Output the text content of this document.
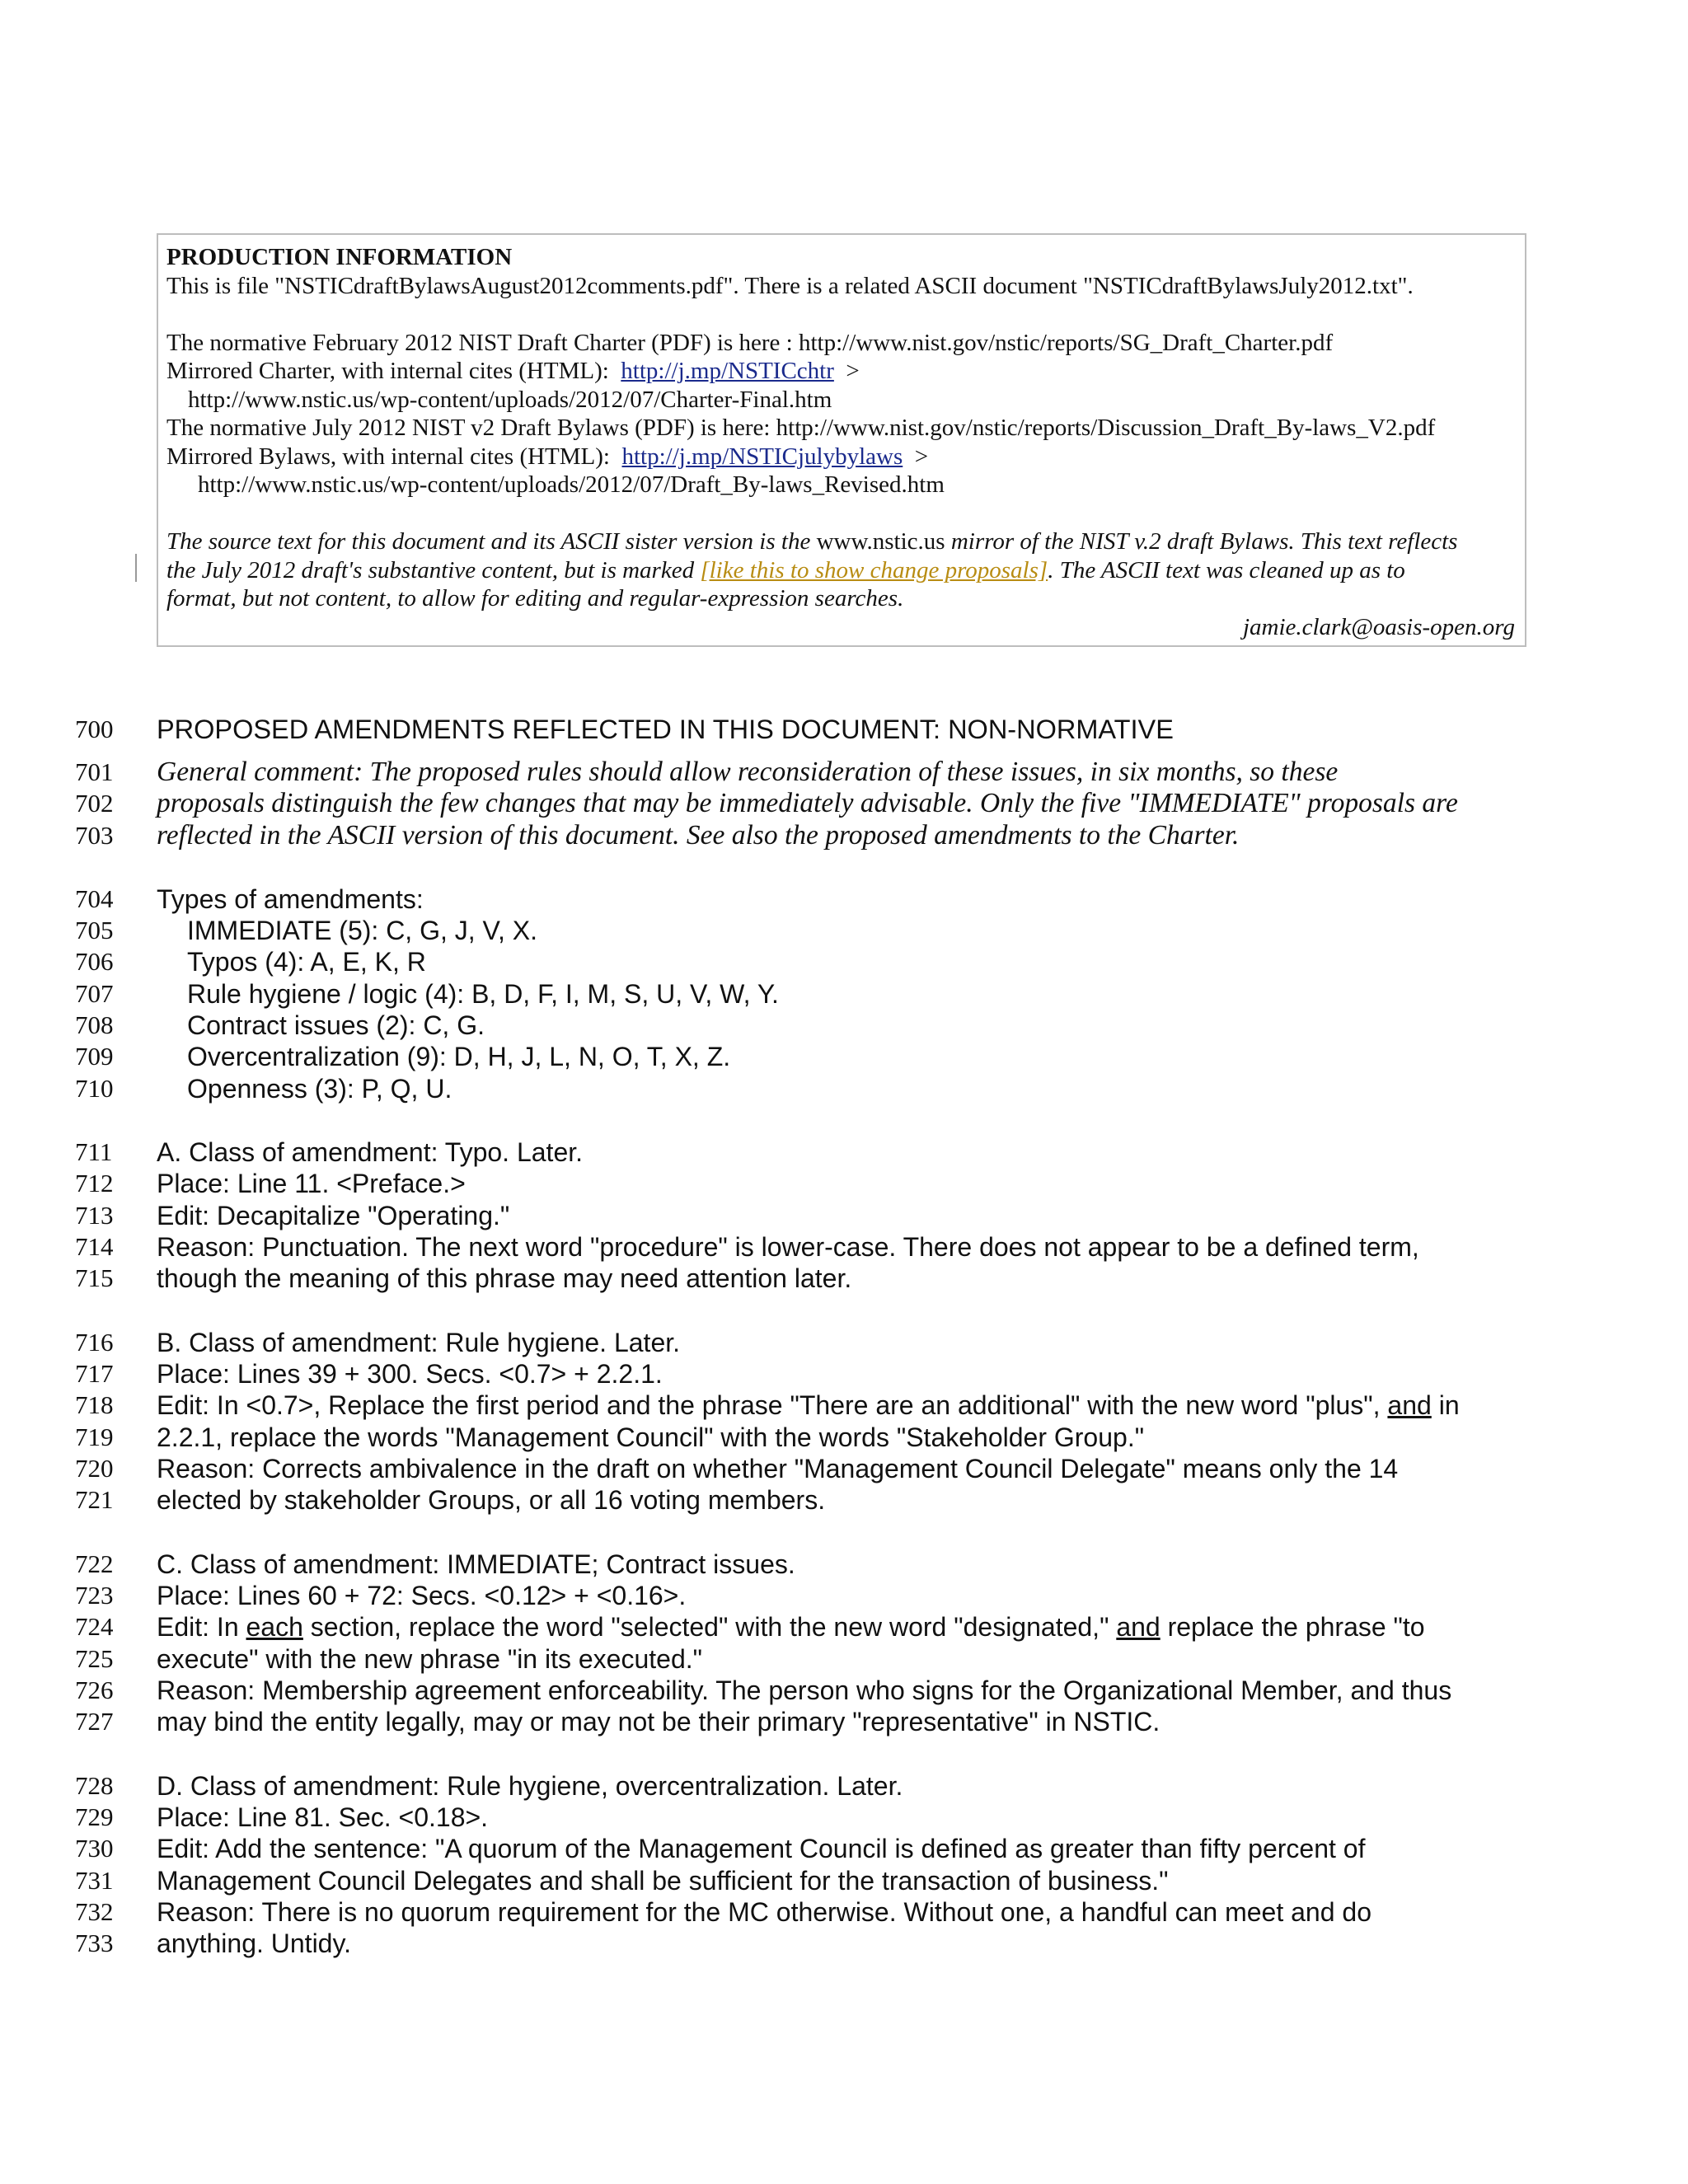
PRODUCTION INFORMATION
This is file "NSTICdraftBylawsAugust2012comments.pdf". There is a related ASCII document "NSTICdraftBylawsJuly2012.txt".
The normative February 2012 NIST Draft Charter (PDF) is here : http://www.nist.gov/nstic/reports/SG_Draft_Charter.pdf
Mirrored Charter, with internal cites (HTML): http://j.mp/NSTICchtr >
http://www.nstic.us/wp-content/uploads/2012/07/Charter-Final.htm
The normative July 2012 NIST v2 Draft Bylaws (PDF) is here: http://www.nist.gov/nstic/reports/Discussion_Draft_By-laws_V2.pdf
Mirrored Bylaws, with internal cites (HTML): http://j.mp/NSTICjulybylaws >
http://www.nstic.us/wp-content/uploads/2012/07/Draft_By-laws_Revised.htm
The source text for this document and its ASCII sister version is the www.nstic.us mirror of the NIST v.2 draft Bylaws. This text reflects
the July 2012 draft's substantive content, but is marked [like this to show change proposals]. The ASCII text was cleaned up as to
format, but not content, to allow for editing and regular-expression searches.
jamie.clark@oasis-open.org
700 PROPOSED AMENDMENTS REFLECTED IN THIS DOCUMENT: NON-NORMATIVE
701 General comment: The proposed rules should allow reconsideration of these issues, in six months, so these
702 proposals distinguish the few changes that may be immediately advisable. Only the five "IMMEDIATE" proposals are
703 reflected in the ASCII version of this document. See also the proposed amendments to the Charter.
704 Types of amendments:
705	IMMEDIATE (5): C, G, J, V, X.
706	Typos (4): A, E, K, R
707	Rule hygiene / logic (4): B, D, F, I, M, S, U, V, W, Y.
708	Contract issues (2): C, G.
709	Overcentralization (9): D, H, J, L, N, O, T, X, Z.
710	Openness (3): P, Q, U.
711 A. Class of amendment: Typo. Later.
712 Place: Line 11. <Preface.>
713 Edit: Decapitalize "Operating."
714 Reason: Punctuation. The next word "procedure" is lower-case. There does not appear to be a defined term,
715 though the meaning of this phrase may need attention later.
716 B. Class of amendment: Rule hygiene. Later.
717 Place: Lines 39 + 300. Secs. <0.7> + 2.2.1.
718 Edit: In <0.7>, Replace the first period and the phrase "There are an additional" with the new word "plus", and in
719 2.2.1, replace the words "Management Council" with the words "Stakeholder Group."
720 Reason: Corrects ambivalence in the draft on whether "Management Council Delegate" means only the 14
721 elected by stakeholder Groups, or all 16 voting members.
722 C. Class of amendment: IMMEDIATE; Contract issues.
723 Place: Lines 60 + 72: Secs. <0.12> + <0.16>.
724 Edit: In each section, replace the word "selected" with the new word "designated," and replace the phrase "to
725 execute" with the new phrase "in its executed."
726 Reason: Membership agreement enforceability. The person who signs for the Organizational Member, and thus
727 may bind the entity legally, may or may not be their primary "representative" in NSTIC.
728 D. Class of amendment: Rule hygiene, overcentralization. Later.
729 Place: Line 81. Sec. <0.18>.
730 Edit: Add the sentence: "A quorum of the Management Council is defined as greater than fifty percent of
731 Management Council Delegates and shall be sufficient for the transaction of business."
732 Reason: There is no quorum requirement for the MC otherwise. Without one, a handful can meet and do
733 anything. Untidy.
